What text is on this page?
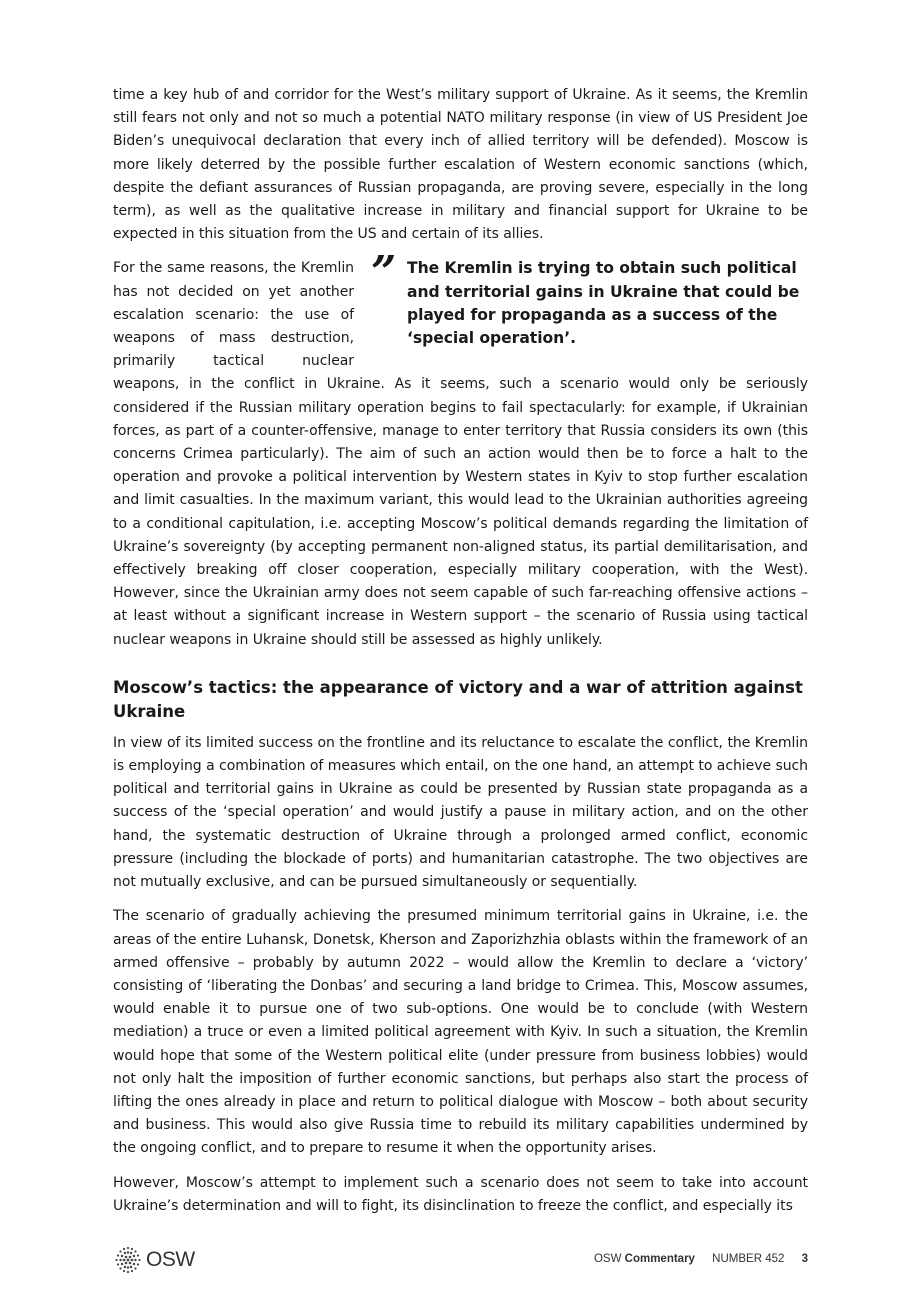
time a key hub of and corridor for the West’s military support of Ukraine. As it seems, the Kremlin still fears not only and not so much a potential NATO military response (in view of US President Joe Biden’s unequivocal declaration that every inch of allied territory will be defended). Moscow is more likely deterred by the possible further escalation of Western economic sanctions (which, despite the defiant assurances of Russian propaganda, are proving severe, especially in the long term), as well as the qualitative increase in military and financial support for Ukraine to be expected in this situation from the US and certain of its allies.

” The Kremlin is trying to obtain such political and territorial gains in Ukraine that could be played for propaganda as a success of the ‘special operation’.

For the same reasons, the Kremlin has not decided on yet another escalation scenario: the use of weapons of mass destruction, primarily tactical nuclear weapons, in the conflict in Ukraine. As it seems, such a scenario would only be seriously considered if the Russian military operation begins to fail spectacularly: for example, if Ukrainian forces, as part of a counter-offensive, manage to enter territory that Russia considers its own (this concerns Crimea particularly). The aim of such an action would then be to force a halt to the operation and provoke a political intervention by Western states in Kyiv to stop further escalation and limit casualties. In the maximum variant, this would lead to the Ukrainian authorities agreeing to a conditional capitulation, i.e. accepting Moscow’s political demands regarding the limitation of Ukraine’s sovereignty (by accepting permanent non-aligned status, its partial demilitarisation, and effectively breaking off closer cooperation, especially military cooperation, with the West). However, since the Ukrainian army does not seem capable of such far-reaching offensive actions – at least without a significant increase in Western support – the scenario of Russia using tactical nuclear weapons in Ukraine should still be assessed as highly unlikely.

Moscow’s tactics: the appearance of victory and a war of attrition against Ukraine

In view of its limited success on the frontline and its reluctance to escalate the conflict, the Kremlin is employing a combination of measures which entail, on the one hand, an attempt to achieve such political and territorial gains in Ukraine as could be presented by Russian state propaganda as a success of the ‘special operation’ and would justify a pause in military action, and on the other hand, the systematic destruction of Ukraine through a prolonged armed conflict, economic pressure (including the blockade of ports) and humanitarian catastrophe. The two objectives are not mutually exclusive, and can be pursued simultaneously or sequentially.

The scenario of gradually achieving the presumed minimum territorial gains in Ukraine, i.e. the areas of the entire Luhansk, Donetsk, Kherson and Zaporizhzhia oblasts within the framework of an armed offensive – probably by autumn 2022 – would allow the Kremlin to declare a ‘victory’ consisting of ‘liberating the Donbas’ and securing a land bridge to Crimea. This, Moscow assumes, would enable it to pursue one of two sub-options. One would be to conclude (with Western mediation) a truce or even a limited political agreement with Kyiv. In such a situation, the Kremlin would hope that some of the Western political elite (under pressure from business lobbies) would not only halt the imposition of further economic sanctions, but perhaps also start the process of lifting the ones already in place and return to political dialogue with Moscow – both about security and business. This would also give Russia time to rebuild its military capabilities undermined by the ongoing conflict, and to prepare to resume it when the opportunity arises.

However, Moscow’s attempt to implement such a scenario does not seem to take into account Ukraine’s determination and will to fight, its disinclination to freeze the conflict, and especially its

OSW	OSW Commentary NUMBER 452 3
